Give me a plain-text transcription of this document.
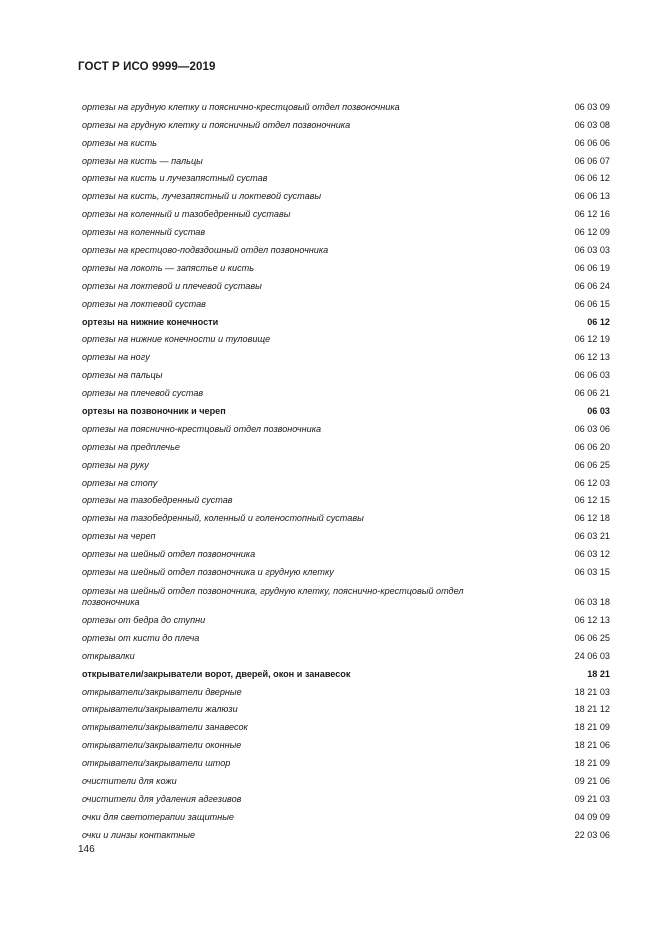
ГОСТ Р ИСО 9999—2019
ортезы на грудную клетку и пояснично-крестцовый отдел позвоночника	06 03 09
ортезы на грудную клетку и поясничный отдел позвоночника	06 03 08
ортезы на кисть	06 06 06
ортезы на кисть — пальцы	06 06 07
ортезы на кисть и лучезапястный сустав	06 06 12
ортезы на кисть, лучезапястный и локтевой суставы	06 06 13
ортезы на коленный и тазобедренный суставы	06 12 16
ортезы на коленный сустав	06 12 09
ортезы на крестцово-подвздошный отдел позвоночника	06 03 03
ортезы на локоть — запястье и кисть	06 06 19
ортезы на локтевой и плечевой суставы	06 06 24
ортезы на локтевой сустав	06 06 15
ортезы на нижние конечности	06 12
ортезы на нижние конечности и туловище	06 12 19
ортезы на ногу	06 12 13
ортезы на пальцы	06 06 03
ортезы на плечевой сустав	06 06 21
ортезы на позвоночник и череп	06 03
ортезы на пояснично-крестцовый отдел позвоночника	06 03 06
ортезы на предплечье	06 06 20
ортезы на руку	06 06 25
ортезы на стопу	06 12 03
ортезы на тазобедренный сустав	06 12 15
ортезы на тазобедренный, коленный и голеностопный суставы	06 12 18
ортезы на череп	06 03 21
ортезы на шейный отдел позвоночника	06 03 12
ортезы на шейный отдел позвоночника и грудную клетку	06 03 15
ортезы на шейный отдел позвоночника, грудную клетку, пояснично-крестцовый отдел позвоночника	06 03 18
ортезы от бедра до ступни	06 12 13
ортезы от кисти до плеча	06 06 25
открывалки	24 06 03
открыватели/закрыватели ворот, дверей, окон и занавесок	18 21
открыватели/закрыватели дверные	18 21 03
открыватели/закрыватели жалюзи	18 21 12
открыватели/закрыватели занавесок	18 21 09
открыватели/закрыватели оконные	18 21 06
открыватели/закрыватели штор	18 21 09
очистители для кожи	09 21 06
очистители для удаления адгезивов	09 21 03
очки для светотерапии защитные	04 09 09
очки и линзы контактные	22 03 06
146
